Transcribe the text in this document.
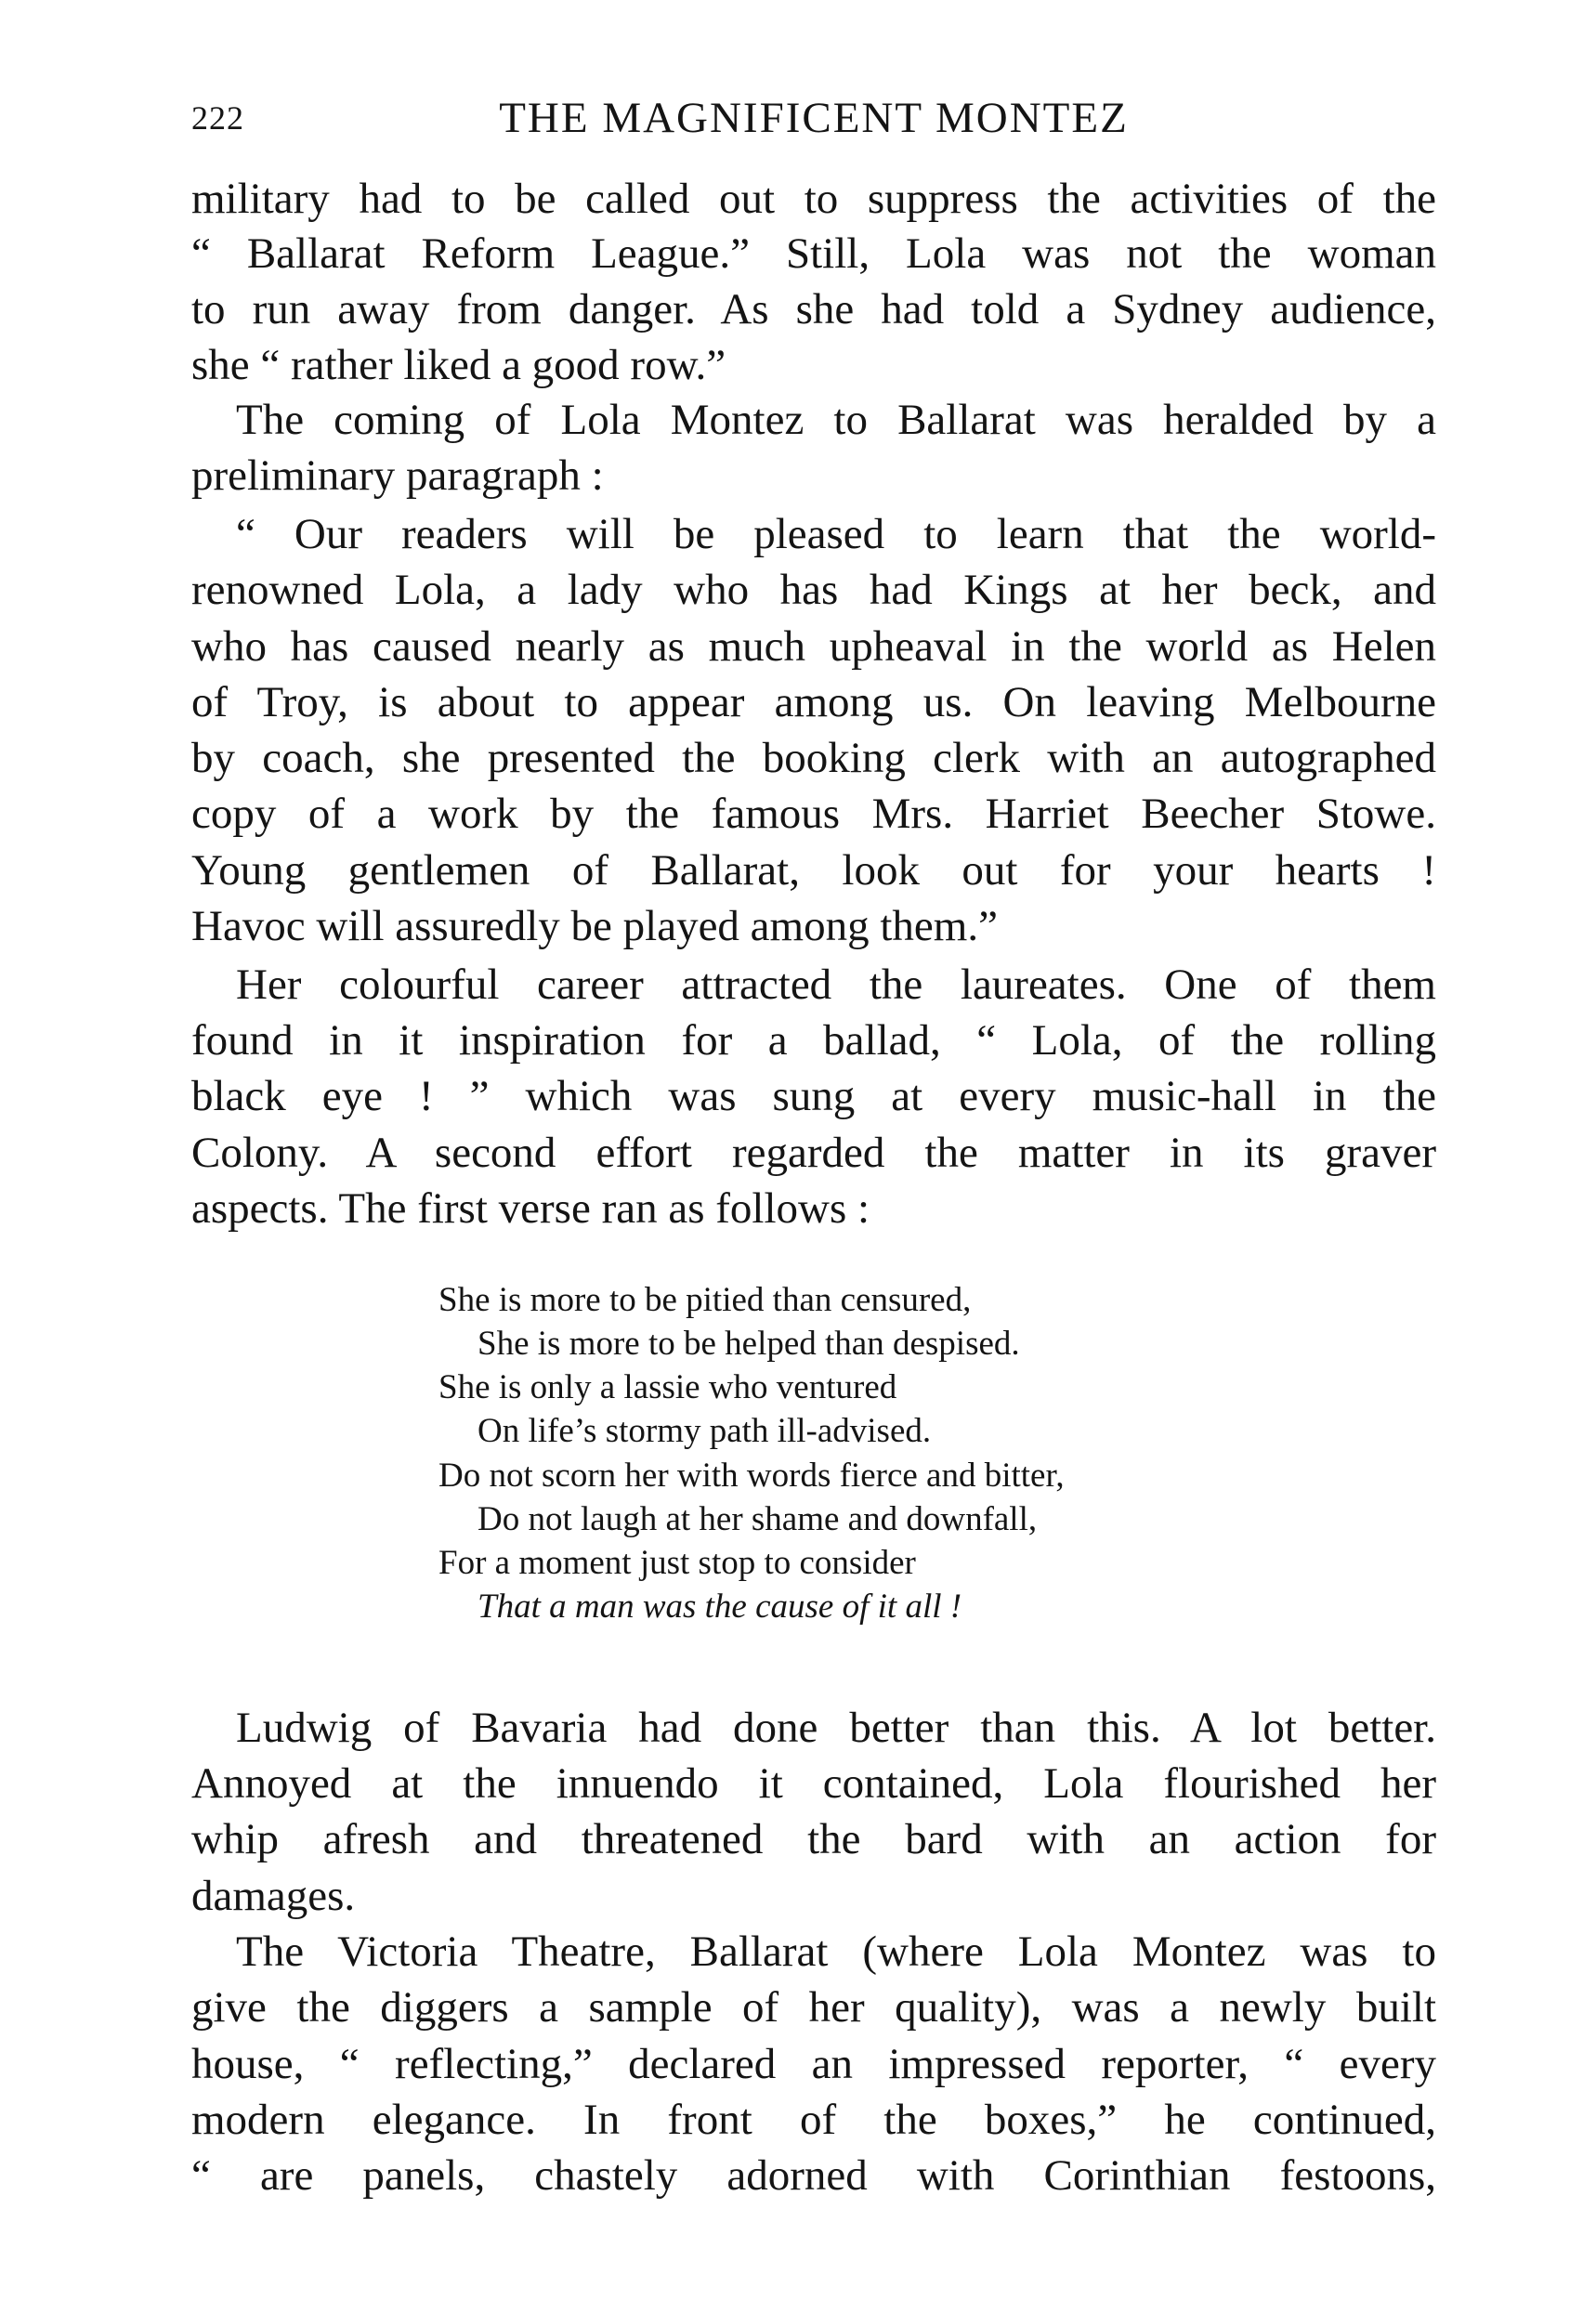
222	THE MAGNIFICENT MONTEZ
military had to be called out to suppress the activities of the
“ Ballarat Reform League.” Still, Lola was not the woman
to run away from danger. As she had told a Sydney audience,
she “ rather liked a good row.”
The coming of Lola Montez to Ballarat was heralded by a
preliminary paragraph :
“ Our readers will be pleased to learn that the world-
renowned Lola, a lady who has had Kings at her beck, and
who has caused nearly as much upheaval in the world as Helen
of Troy, is about to appear among us. On leaving Melbourne
by coach, she presented the booking clerk with an autographed
copy of a work by the famous Mrs. Harriet Beecher Stowe.
Young gentlemen of Ballarat, look out for your hearts !
Havoc will assuredly be played among them.”
Her colourful career attracted the laureates. One of them
found in it inspiration for a ballad, “ Lola, of the rolling
black eye ! ” which was sung at every music-hall in the
Colony. A second effort regarded the matter in its graver
aspects. The first verse ran as follows :
She is more to be pitied than censured,
She is more to be helped than despised.
She is only a lassie who ventured
On life’s stormy path ill-advised.
Do not scorn her with words fierce and bitter,
Do not laugh at her shame and downfall,
For a moment just stop to consider
That a man was the cause of it all !
Ludwig of Bavaria had done better than this. A lot better.
Annoyed at the innuendo it contained, Lola flourished her
whip afresh and threatened the bard with an action for
damages.
The Victoria Theatre, Ballarat (where Lola Montez was to
give the diggers a sample of her quality), was a newly built
house, “ reflecting,” declared an impressed reporter, “ every
modern elegance. In front of the boxes,” he continued,
“ are panels, chastely adorned with Corinthian festoons,
